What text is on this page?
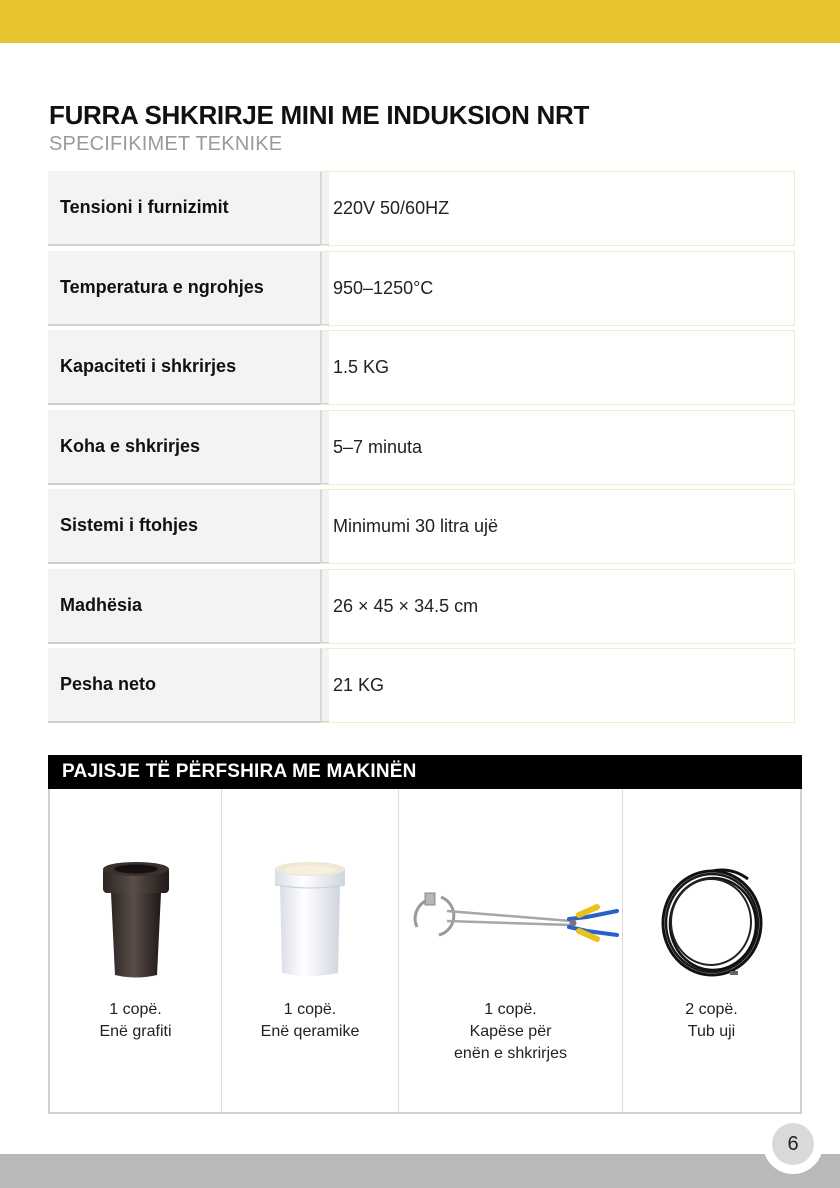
FURRA SHKRIRJE MINI ME INDUKSION NRT
SPECIFIKIMET TEKNIKE
Tensioni i furnizimit	220V 50/60HZ
Temperatura e ngrohjes	950–1250°C
Kapaciteti i shkrirjes	1.5 KG
Koha e shkrirjes	5–7 minuta
Sistemi i ftohjes	Minimumi 30 litra ujë
Madhësia	26 × 45 × 34.5 cm
Pesha neto	21 KG
PAJISJE TË PËRFSHIRA ME MAKINËN
1 copë.
Enë grafiti
1 copë.
Enë qeramike
1 copë.
Kapëse për
enën e shkrirjes
2 copë.
Tub uji
6
